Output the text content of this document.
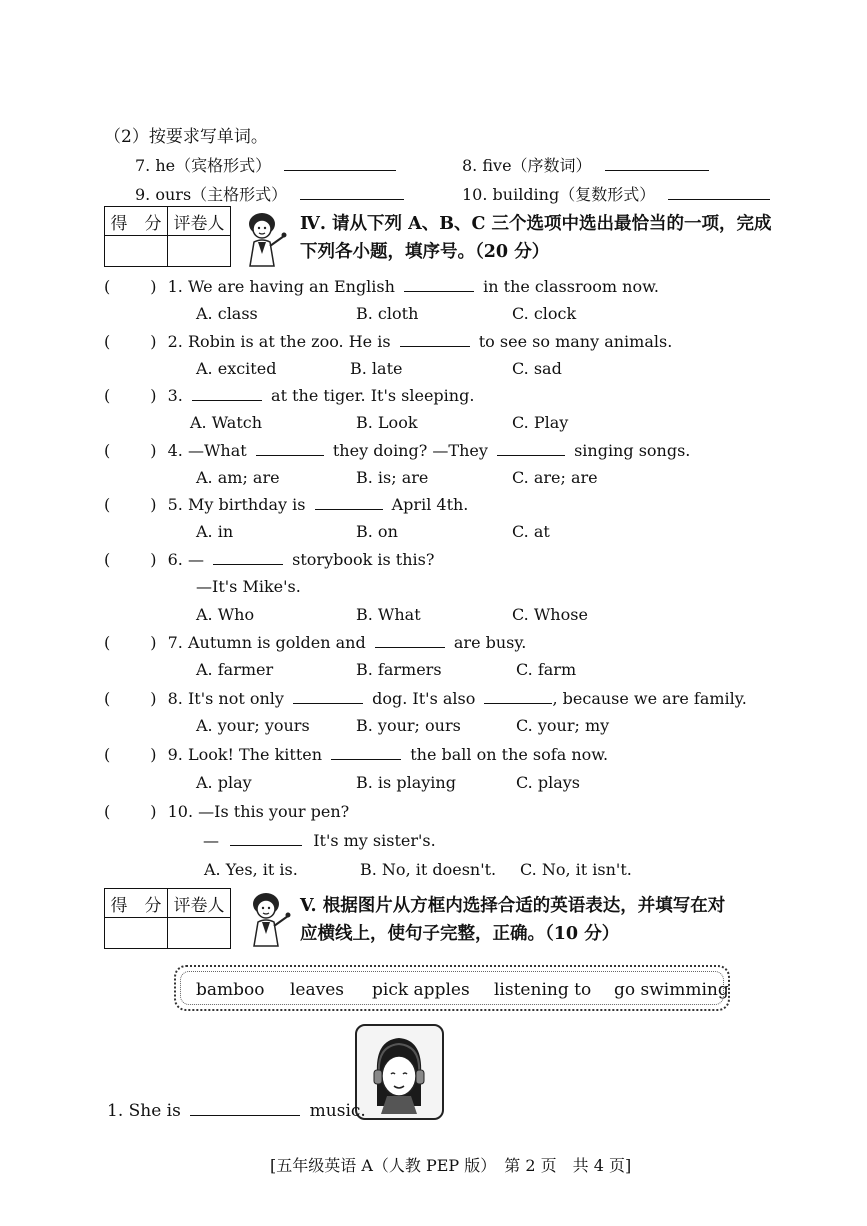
（2）按要求写单词。
7. he（宾格形式）	8. five（序数词）
9. ours（主格形式）	10. building（复数形式）
得　分	评卷人
		Ⅳ. 请从下列 A、B、C 三个选项中选出最恰当的一项，完成
下列各小题，填序号。（20 分）
(	) 1. We are having an English	in the classroom now.
A. class	B. cloth	C. clock
(	) 2. Robin is at the zoo. He is	to see so many animals.
A. excited	B. late	C. sad
(	) 3.	at the tiger. It's sleeping.
A. Watch	B. Look	C. Play
(	) 4. —What	they doing? —They	singing songs.
A. am; are	B. is; are	C. are; are
(	) 5. My birthday is	April 4th.
A. in	B. on	C. at
(	) 6. —	storybook is this?
—It's Mike's.
A. Who	B. What	C. Whose
(	) 7. Autumn is golden and	are busy.
A. farmer	B. farmers	C. farm
(	) 8. It's not only	dog. It's also	, because we are family.
A. your; yours	B. your; ours	C. your; my
(	) 9. Look! The kitten	the ball on the sofa now.
A. play	B. is playing	C. plays
(	) 10. —Is this your pen?
—	It's my sister's.
A. Yes, it is.	B. No, it doesn't. C. No, it isn't.
得　分	评卷人
		V. 根据图片从方框内选择合适的英语表达，并填写在对
应横线上，使句子完整，正确。（10 分）
bamboo leaves pick apples listening to go swimming
1. She is	music.
[五年级英语 A（人教 PEP 版）　第 2 页　共 4 页]
